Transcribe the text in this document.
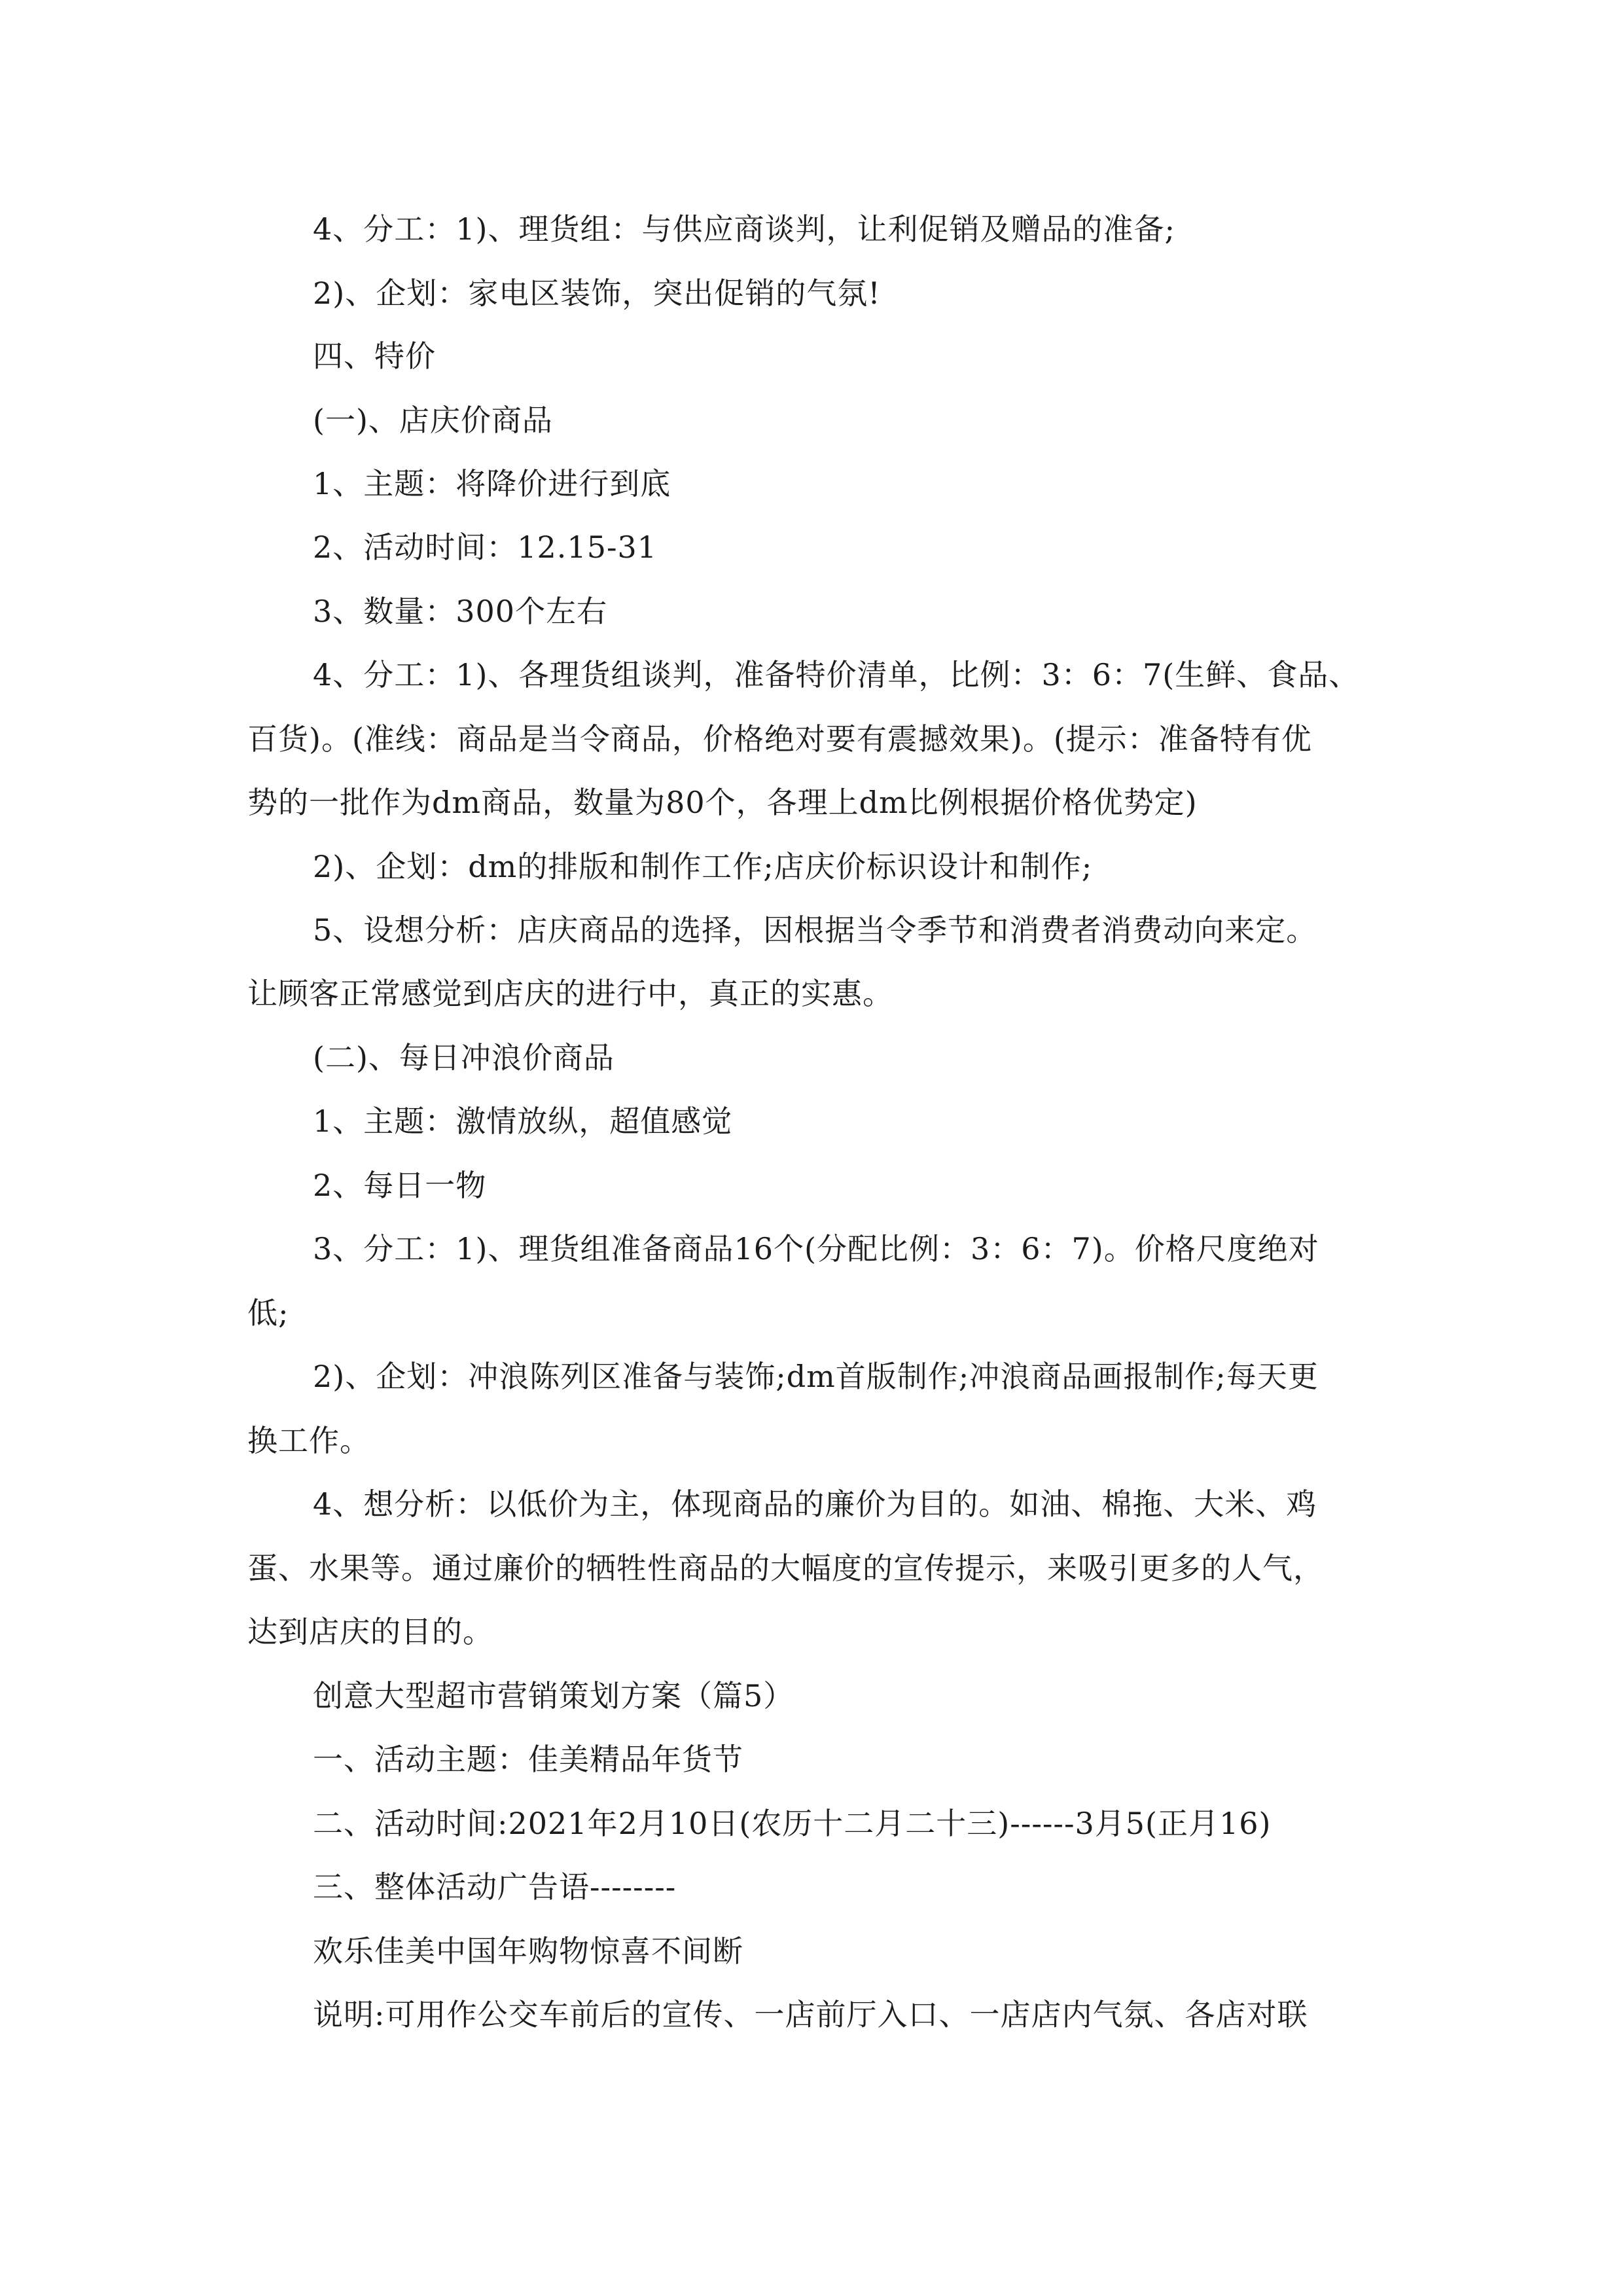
4、分工：1)、理货组：与供应商谈判，让利促销及赠品的准备;
2)、企划：家电区装饰，突出促销的气氛!
四、特价
(一)、店庆价商品
1、主题：将降价进行到底
2、活动时间：12.15-31
3、数量：300个左右
4、分工：1)、各理货组谈判，准备特价清单，比例：3：6：7(生鲜、食品、
百货)。(准线：商品是当令商品，价格绝对要有震撼效果)。(提示：准备特有优
势的一批作为dm商品，数量为80个，各理上dm比例根据价格优势定)
2)、企划：dm的排版和制作工作;店庆价标识设计和制作;
5、设想分析：店庆商品的选择，因根据当令季节和消费者消费动向来定。
让顾客正常感觉到店庆的进行中，真正的实惠。
(二)、每日冲浪价商品
1、主题：激情放纵，超值感觉
2、每日一物
3、分工：1)、理货组准备商品16个(分配比例：3：6：7)。价格尺度绝对
低;
2)、企划：冲浪陈列区准备与装饰;dm首版制作;冲浪商品画报制作;每天更
换工作。
4、想分析：以低价为主，体现商品的廉价为目的。如油、棉拖、大米、鸡
蛋、水果等。通过廉价的牺牲性商品的大幅度的宣传提示，来吸引更多的人气，
达到店庆的目的。
创意大型超市营销策划方案（篇5）
一、活动主题：佳美精品年货节
二、活动时间:2021年2月10日(农历十二月二十三)------3月5(正月16)
三、整体活动广告语--------
欢乐佳美中国年购物惊喜不间断
说明:可用作公交车前后的宣传、一店前厅入口、一店店内气氛、各店对联
